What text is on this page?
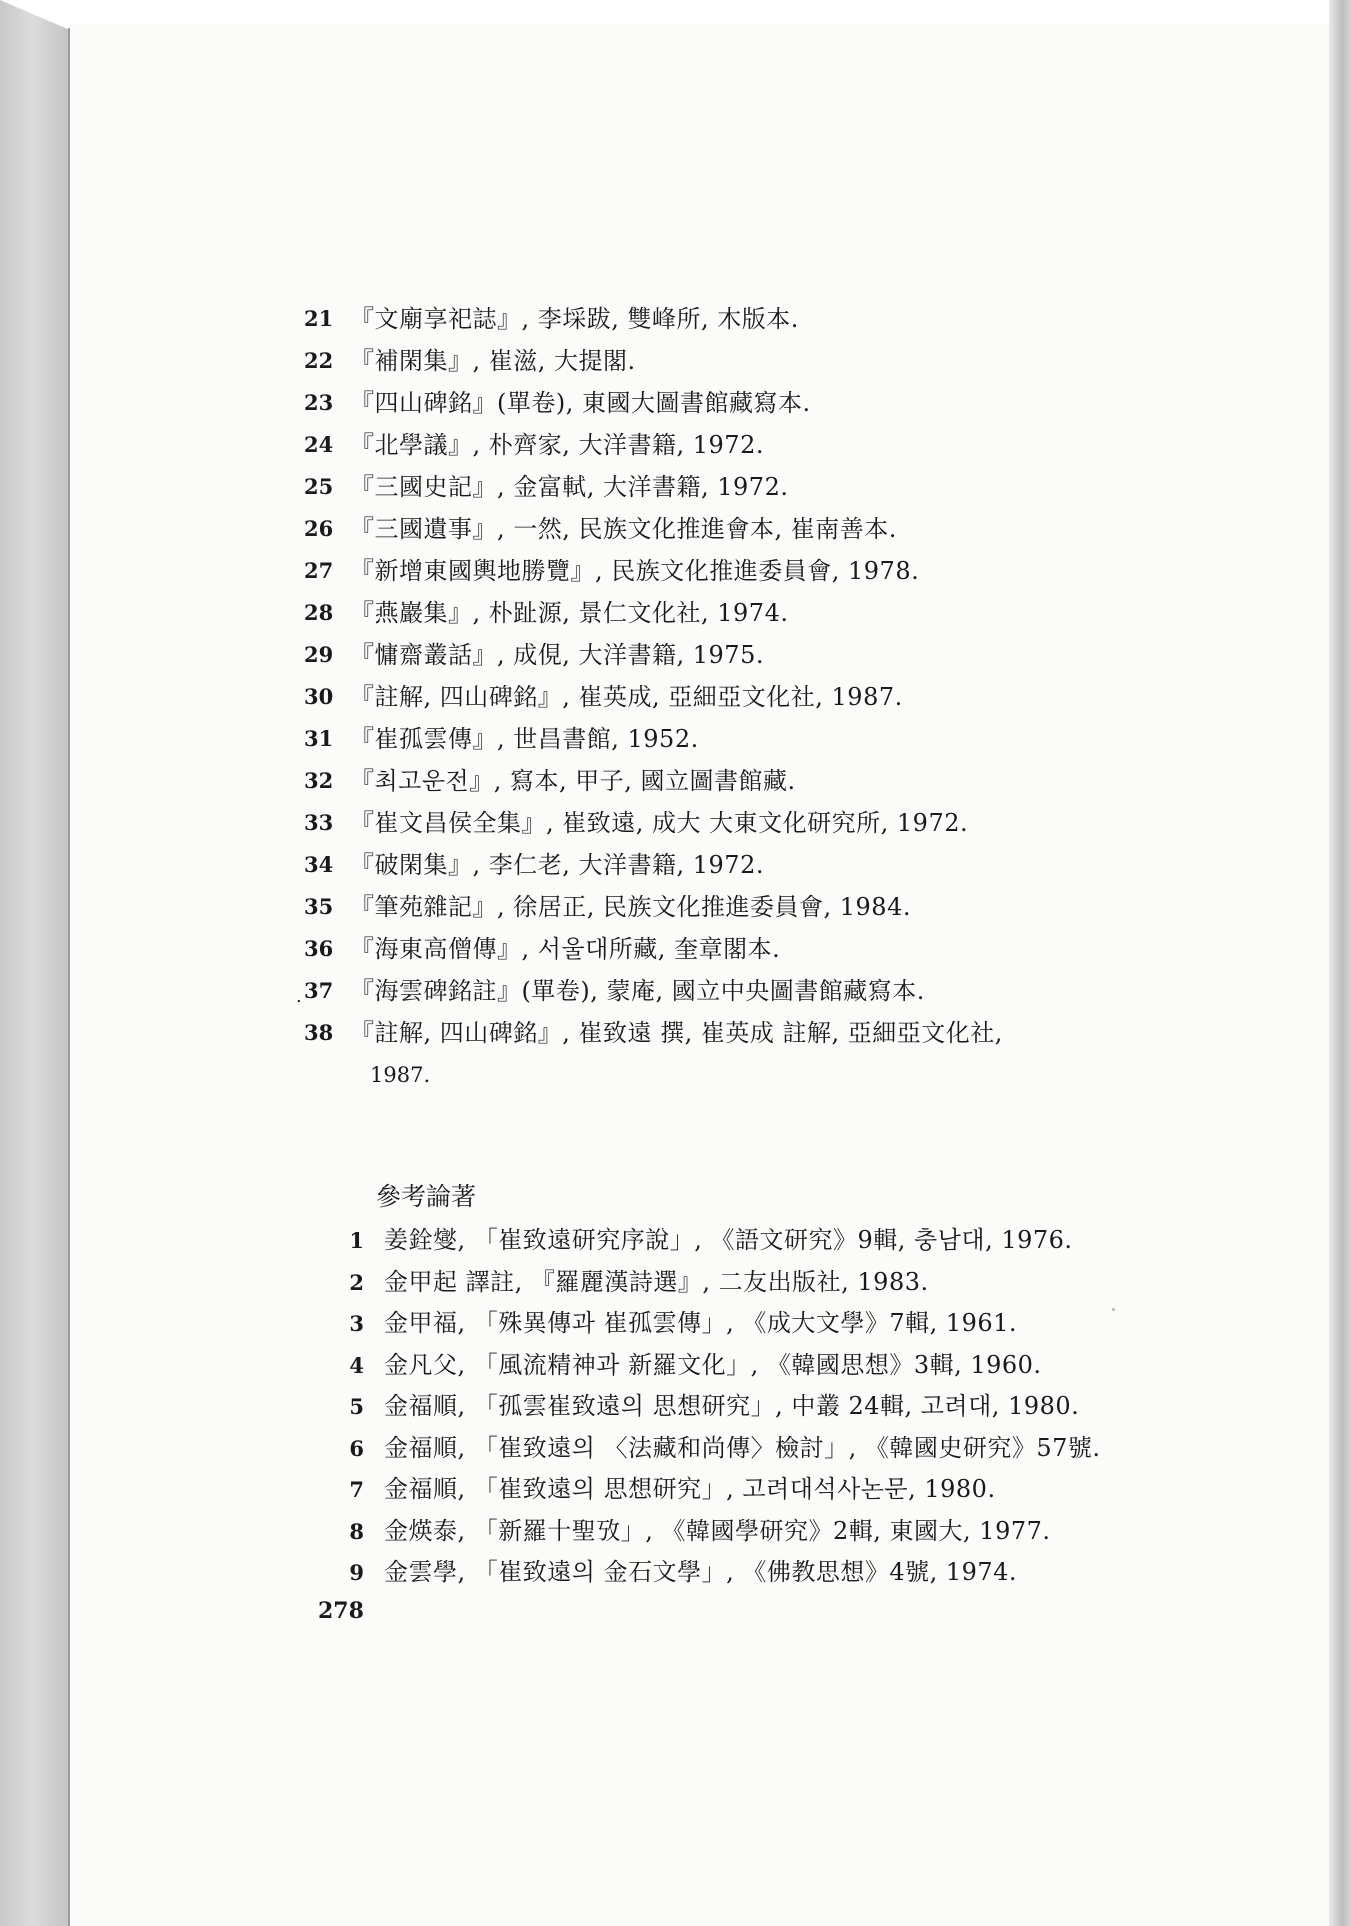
.
21 『文廟享祀誌』, 李埰跋, 雙峰所, 木版本.
22 『補閑集』, 崔滋, 大提閣.
23 『四山碑銘』(單卷), 東國大圖書館藏寫本.
24 『北學議』, 朴齊家, 大洋書籍, 1972.
25 『三國史記』, 金富軾, 大洋書籍, 1972.
26 『三國遺事』, 一然, 民族文化推進會本, 崔南善本.
27 『新增東國輿地勝覽』, 民族文化推進委員會, 1978.
28 『燕巖集』, 朴趾源, 景仁文化社, 1974.
29 『慵齋叢話』, 成俔, 大洋書籍, 1975.
30 『註解, 四山碑銘』, 崔英成, 亞細亞文化社, 1987.
31 『崔孤雲傳』, 世昌書館, 1952.
32 『최고운전』, 寫本, 甲子, 國立圖書館藏.
33 『崔文昌侯全集』, 崔致遠, 成大 大東文化研究所, 1972.
34 『破閑集』, 李仁老, 大洋書籍, 1972.
35 『筆苑雜記』, 徐居正, 民族文化推進委員會, 1984.
36 『海東高僧傳』, 서울대所藏, 奎章閣本.
37 『海雲碑銘註』(單卷), 蒙庵, 國立中央圖書館藏寫本.
38 『註解, 四山碑銘』, 崔致遠 撰, 崔英成 註解, 亞細亞文化社,
1987.
參考論著
1 姜銓燮, 「崔致遠研究序說」, 《語文研究》9輯, 충남대, 1976.
2 金甲起 譯註, 『羅麗漢詩選』, 二友出版社, 1983.
3 金甲福, 「殊異傳과 崔孤雲傳」, 《成大文學》7輯, 1961.
4 金凡父, 「風流精神과 新羅文化」, 《韓國思想》3輯, 1960.
5 金福順, 「孤雲崔致遠의 思想研究」, 中叢 24輯, 고려대, 1980.
6 金福順, 「崔致遠의 〈法藏和尚傳〉檢討」, 《韓國史研究》57號.
7 金福順, 「崔致遠의 思想研究」, 고려대석사논문, 1980.
8 金煐泰, 「新羅十聖攷」, 《韓國學研究》2輯, 東國大, 1977.
9 金雲學, 「崔致遠의 金石文學」, 《佛教思想》4號, 1974.
278
